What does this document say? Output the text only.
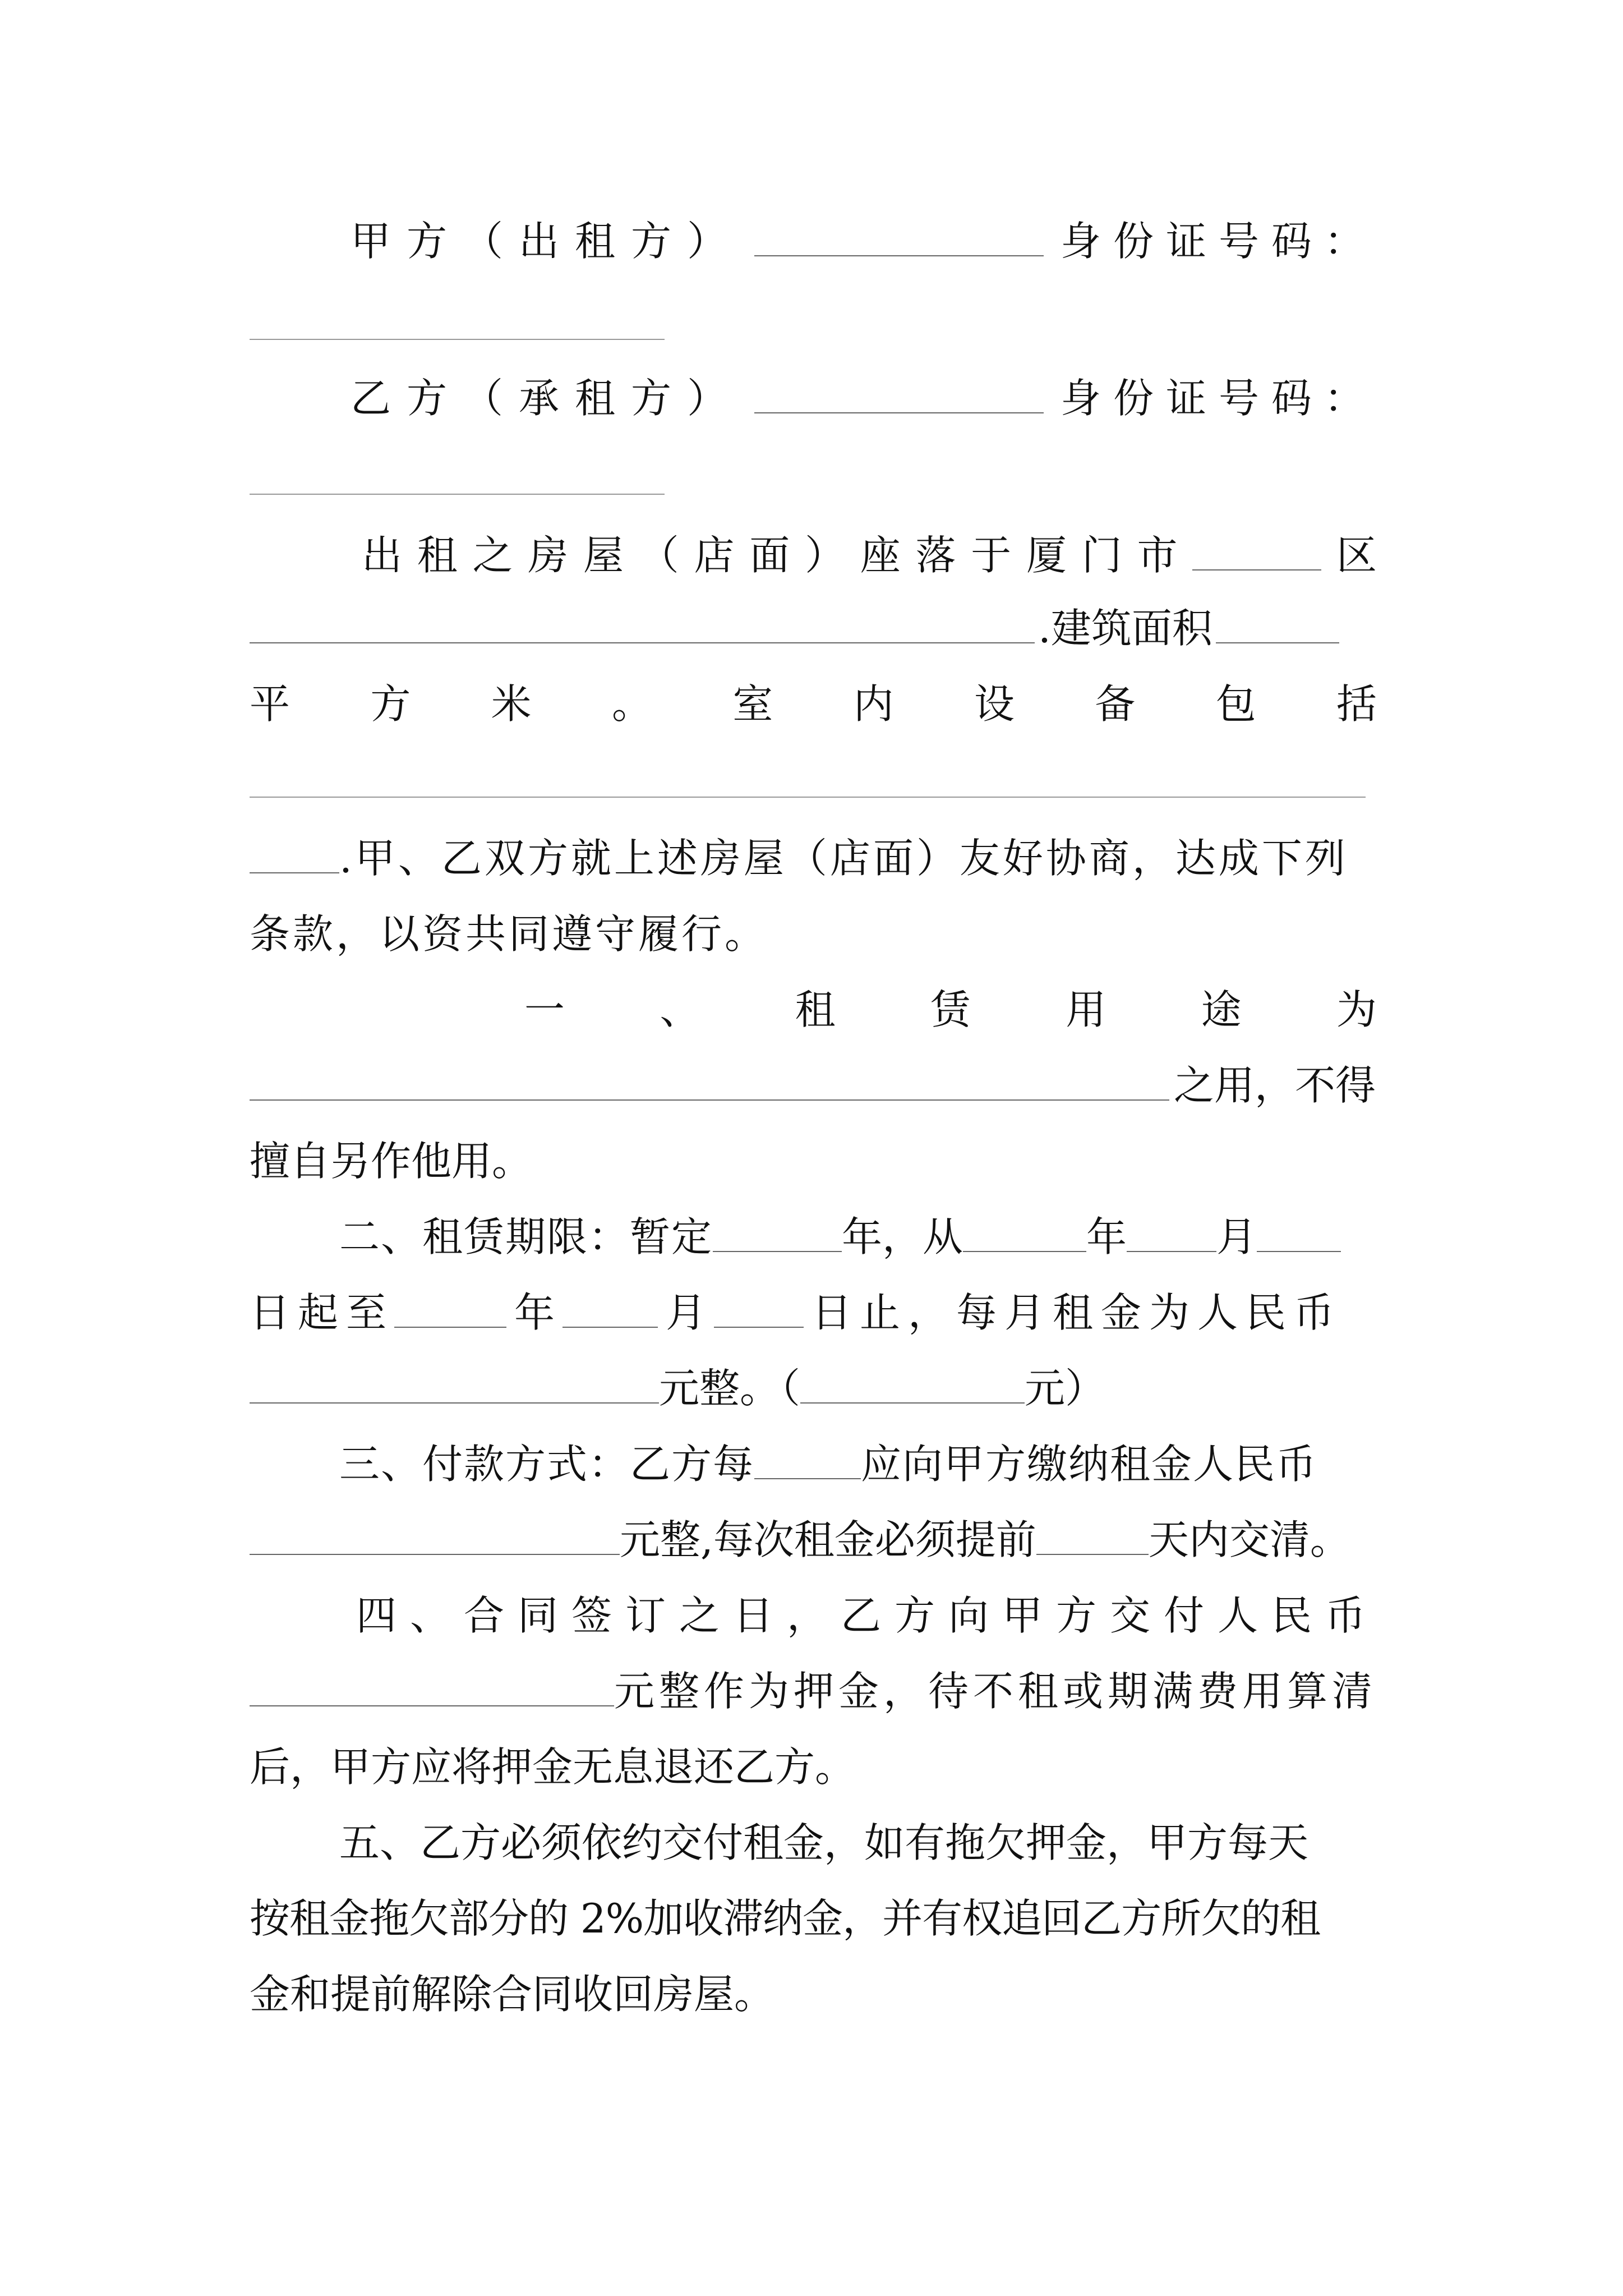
甲方（出租方）	身份证号码：
乙方（承租方）	身份证号码：
出 租 之 房 屋 （ 店 面 ） 座 落 于 厦 门 市	区
.建筑面积
平 方 米 。 室 内 设 备 包 括
.甲、乙双方就上述房屋（店面）友好协商，达成下列
条款，以资共同遵守履行。
一 、 租 赁 用 途 为
之用，不得
擅自另作他用。
二、租赁期限：暂定	年，从	年 月
日起至	年	月	日止，每月租金为人民币
元整。（	元）
三、付款方式：乙方每	应向甲方缴纳租金人民币
元整,每次租金必须提前	天内交清。
四、合同签订之日，乙方向甲方交付人民币
元整作为押金，待不租或期满费用算清
后，甲方应将押金无息退还乙方。
五、乙方必须依约交付租金，如有拖欠押金，甲方每天
按租金拖欠部分的 2%加收滞纳金，并有权追回乙方所欠的租
金和提前解除合同收回房屋。
